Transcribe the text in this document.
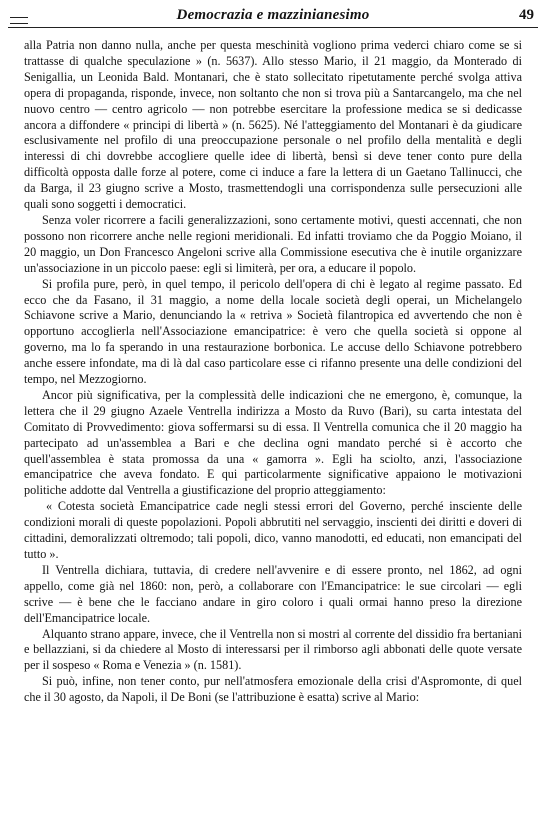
Democrazia e mazzinianesimo	49

alla Patria non danno nulla, anche per questa meschinità vogliono prima vederci chiaro come se si trattasse di qualche speculazione » (n. 5637). Allo stesso Mario, il 21 maggio, da Monterado di Senigallia, un Leonida Bald. Montanari, che è stato sollecitato ripetutamente perché svolga attiva opera di propaganda, risponde, invece, non soltanto che non si trova più a Santarcangelo, ma che nel nuovo centro — centro agricolo — non potrebbe esercitare la professione medica se si dedicasse ancora a diffondere « principi di libertà » (n. 5625). Né l'atteggiamento del Montanari è da giudicare esclusivamente nel profilo di una preoccupazione personale o nel profilo della mentalità e degli interessi di chi dovrebbe accogliere quelle idee di libertà, bensì si deve tener conto pure della difficoltà opposta dalle forze al potere, come ci induce a fare la lettera di un Gaetano Tallinucci, che da Barga, il 23 giugno scrive a Mosto, trasmettendogli una corrispondenza sulle persecuzioni alle quali sono soggetti i democratici.

Senza voler ricorrere a facili generalizzazioni, sono certamente motivi, questi accennati, che non possono non ricorrere anche nelle regioni meridionali. Ed infatti troviamo che da Poggio Moiano, il 20 maggio, un Don Francesco Angeloni scrive alla Commissione esecutiva che è inutile organizzare un'associazione in un piccolo paese: egli si limiterà, per ora, a educare il popolo.

Si profila pure, però, in quel tempo, il pericolo dell'opera di chi è legato al regime passato. Ed ecco che da Fasano, il 31 maggio, a nome della locale società degli operai, un Michelangelo Schiavone scrive a Mario, denunciando la « retriva » Società filantropica ed avvertendo che non è opportuno accoglierla nell'Associazione emancipatrice: è vero che quella società si oppone al governo, ma lo fa sperando in una restaurazione borbonica. Le accuse dello Schiavone potrebbero anche essere infondate, ma di là dal caso particolare esse ci rifanno presente una delle condizioni del tempo, nel Mezzogiorno.

Ancor più significativa, per la complessità delle indicazioni che ne emergono, è, comunque, la lettera che il 29 giugno Azaele Ventrella indirizza a Mosto da Ruvo (Bari), su carta intestata del Comitato di Provvedimento: giova soffermarsi su di essa. Il Ventrella comunica che il 20 maggio ha partecipato ad un'assemblea a Bari e che declina ogni mandato perché si è accorto che quell'assemblea è stata promossa da una « gamorra ». Egli ha sciolto, anzi, l'associazione emancipatrice che aveva fondato. E qui particolarmente significative appaiono le motivazioni politiche addotte dal Ventrella a giustificazione del proprio atteggiamento:

« Cotesta società Emancipatrice cade negli stessi errori del Governo, perché insciente delle condizioni morali di queste popolazioni. Popoli abbrutiti nel servaggio, inscienti dei diritti e doveri di cittadini, demoralizzati oltremodo; tali popoli, dico, vanno manodotti, ed educati, non emancipati del tutto ».

Il Ventrella dichiara, tuttavia, di credere nell'avvenire e di essere pronto, nel 1862, ad ogni appello, come già nel 1860: non, però, a collaborare con l'Emancipatrice: le sue circolari — egli scrive — è bene che le facciano andare in giro coloro i quali ormai hanno preso la direzione dell'Emancipatrice locale.

Alquanto strano appare, invece, che il Ventrella non si mostri al corrente del dissidio fra bertaniani e bellazziani, si da chiedere al Mosto di interessarsi per il rimborso agli abbonati delle quote versate per il sospeso « Roma e Venezia » (n. 1581).

Si può, infine, non tener conto, pur nell'atmosfera emozionale della crisi d'Aspromonte, di quel che il 30 agosto, da Napoli, il De Boni (se l'attribuzione è esatta) scrive al Mario:
